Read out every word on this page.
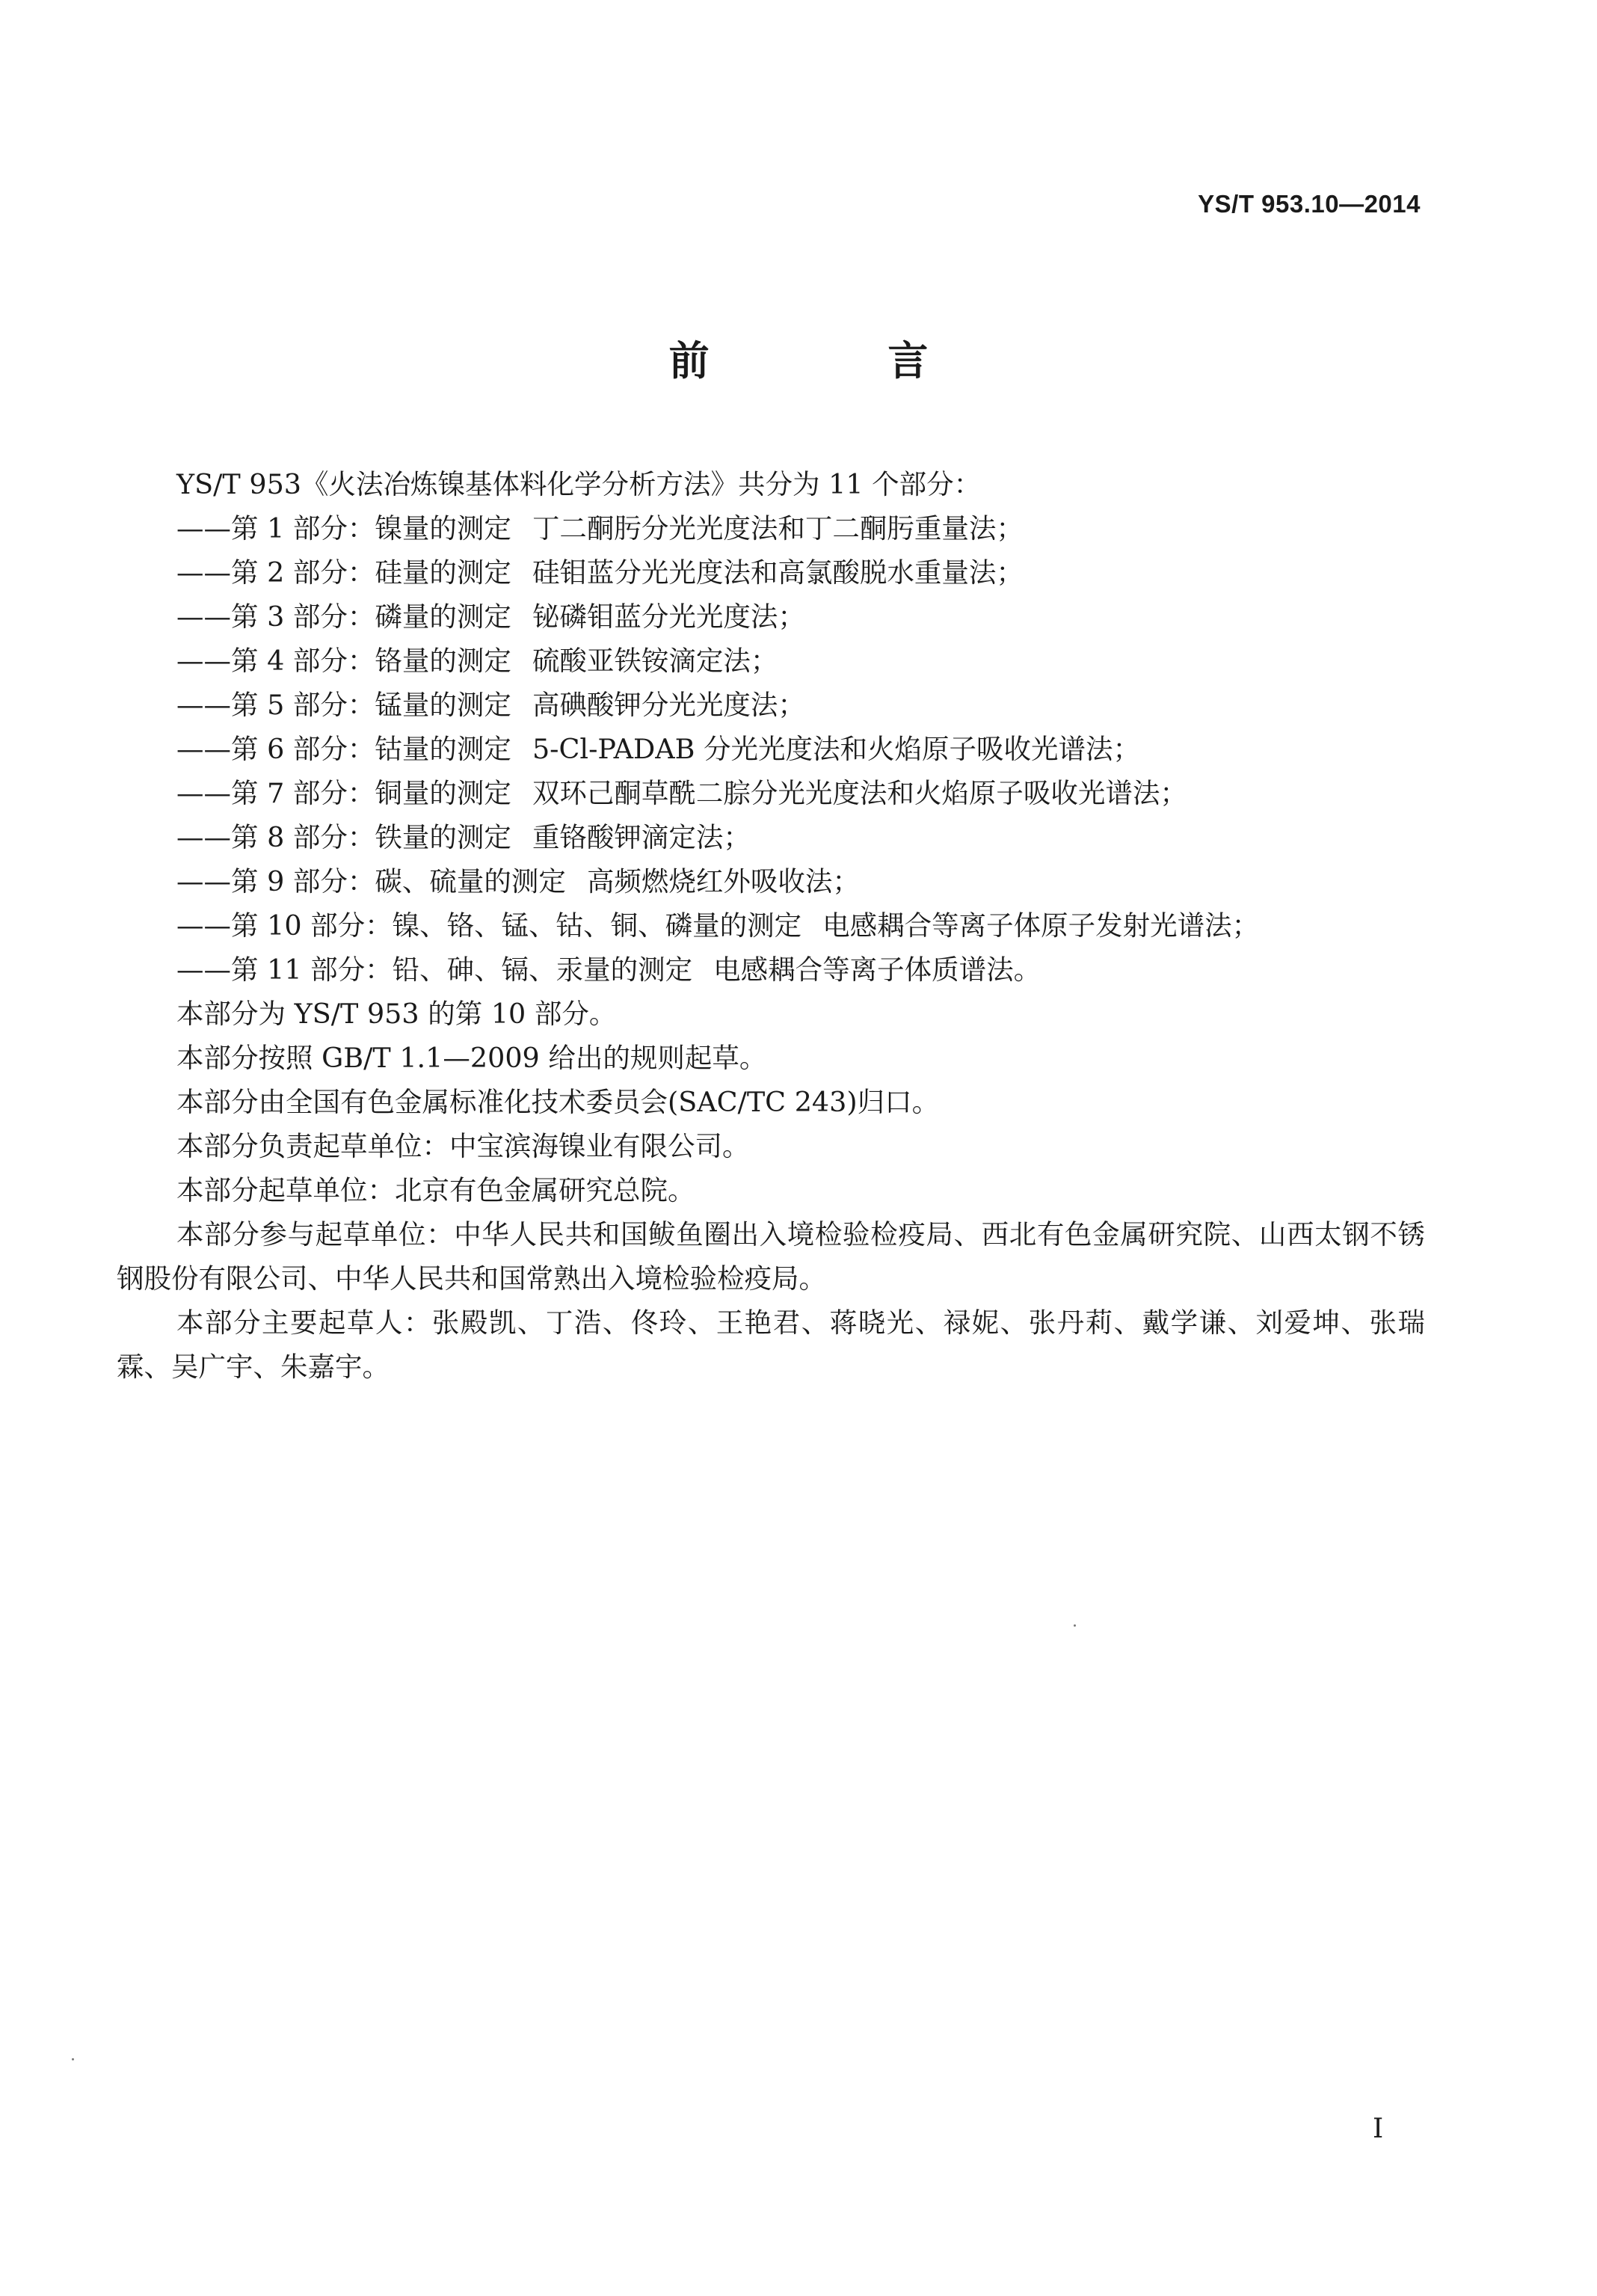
YS/T 953.10—2014
前 言

YS/T 953《火法冶炼镍基体料化学分析方法》共分为 11 个部分：

——第 1 部分：镍量的测定 丁二酮肟分光光度法和丁二酮肟重量法；
——第 2 部分：硅量的测定 硅钼蓝分光光度法和高氯酸脱水重量法；
——第 3 部分：磷量的测定 铋磷钼蓝分光光度法；
——第 4 部分：铬量的测定 硫酸亚铁铵滴定法；
——第 5 部分：锰量的测定 高碘酸钾分光光度法；
——第 6 部分：钴量的测定 5-Cl-PADAB 分光光度法和火焰原子吸收光谱法；
——第 7 部分：铜量的测定 双环己酮草酰二腙分光光度法和火焰原子吸收光谱法；
——第 8 部分：铁量的测定 重铬酸钾滴定法；
——第 9 部分：碳、硫量的测定 高频燃烧红外吸收法；
——第 10 部分：镍、铬、锰、钴、铜、磷量的测定 电感耦合等离子体原子发射光谱法；
——第 11 部分：铅、砷、镉、汞量的测定 电感耦合等离子体质谱法。

本部分为 YS/T 953 的第 10 部分。

本部分按照 GB/T 1.1—2009 给出的规则起草。

本部分由全国有色金属标准化技术委员会(SAC/TC 243)归口。

本部分负责起草单位：中宝滨海镍业有限公司。

本部分起草单位：北京有色金属研究总院。

本部分参与起草单位：中华人民共和国鲅鱼圈出入境检验检疫局、西北有色金属研究院、山西太钢不锈钢股份有限公司、中华人民共和国常熟出入境检验检疫局。

本部分主要起草人：张殿凯、丁浩、佟玲、王艳君、蒋晓光、禄妮、张丹莉、戴学谦、刘爱坤、张瑞霖、吴广宇、朱嘉宇。

I
